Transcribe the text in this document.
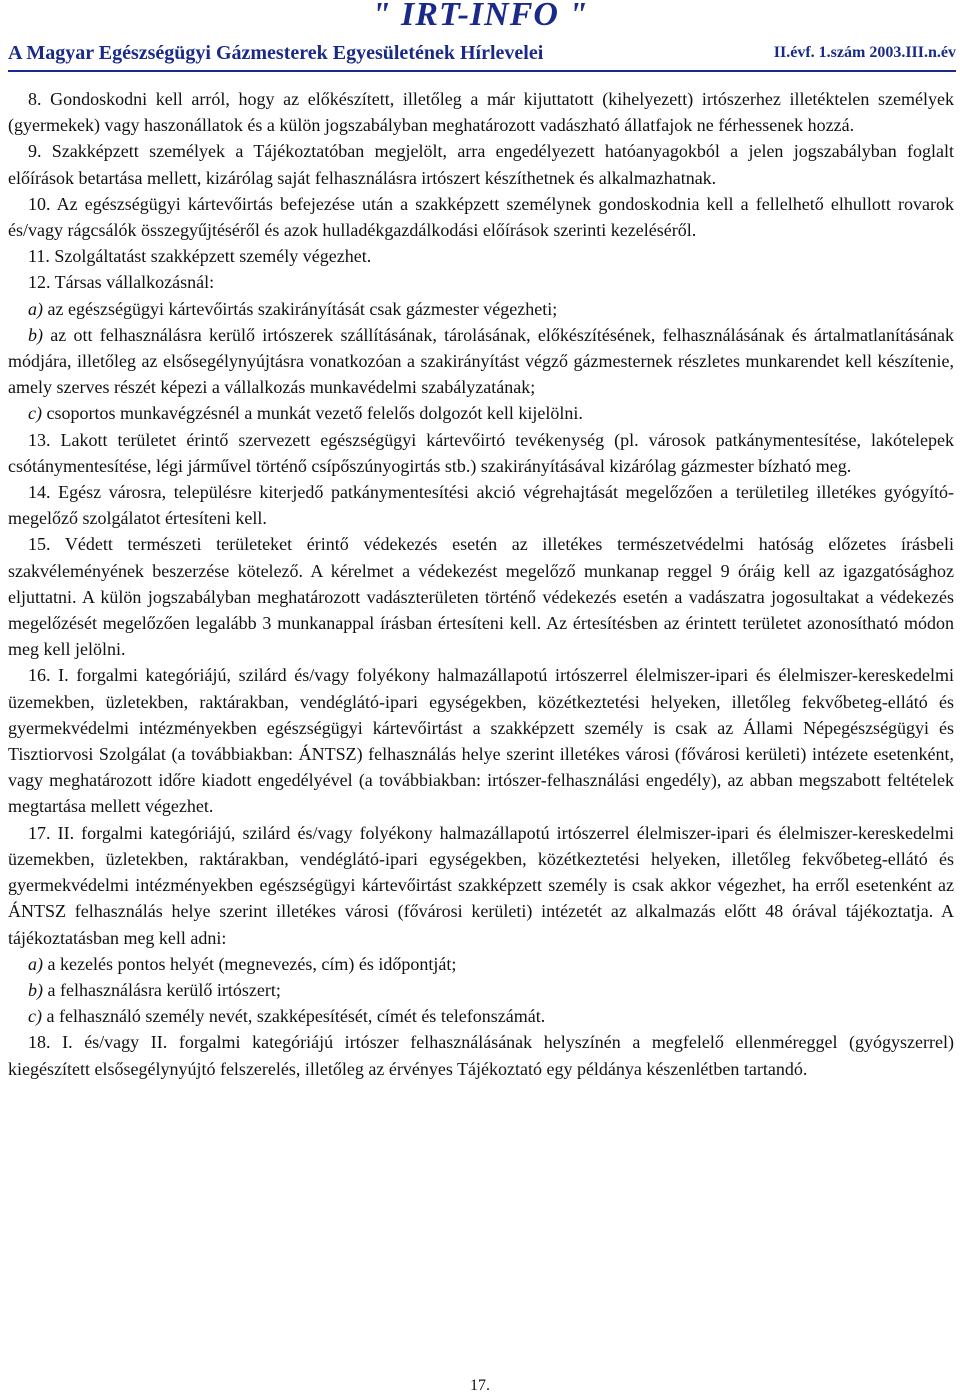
" IRT-INFO "
A Magyar Egészségügyi Gázmesterek Egyesületének Hírlevelei	II.évf. 1.szám 2003.III.n.év

8. Gondoskodni kell arról, hogy az előkészített, illetőleg a már kijuttatott (kihelyezett) irtószerhez illetéktelen személyek (gyermekek) vagy haszonállatok és a külön jogszabályban meghatározott vadászható állatfajok ne férhessenek hozzá.

9. Szakképzett személyek a Tájékoztatóban megjelölt, arra engedélyezett hatóanyagokból a jelen jogszabályban foglalt előírások betartása mellett, kizárólag saját felhasználásra irtószert készíthetnek és alkalmazhatnak.

10. Az egészségügyi kártevőirtás befejezése után a szakképzett személynek gondoskodnia kell a fellelhető elhullott rovarok és/vagy rágcsálók összegyűjtéséről és azok hulladékgazdálkodási előírások szerinti kezeléséről.

11. Szolgáltatást szakképzett személy végezhet.

12. Társas vállalkozásnál:

a) az egészségügyi kártevőirtás szakirányítását csak gázmester végezheti;

b) az ott felhasználásra kerülő irtószerek szállításának, tárolásának, előkészítésének, felhasználásának és ártalmatlanításának módjára, illetőleg az elsősegélynyújtásra vonatkozóan a szakirányítást végző gázmesternek részletes munkarendet kell készítenie, amely szerves részét képezi a vállalkozás munkavédelmi szabályzatának;

c) csoportos munkavégzésnél a munkát vezető felelős dolgozót kell kijelölni.

13. Lakott területet érintő szervezett egészségügyi kártevőirtó tevékenység (pl. városok patkánymentesítése, lakótelepek csótánymentesítése, légi járművel történő csípőszúnyogirtás stb.) szakirányításával kizárólag gázmester bízható meg.

14. Egész városra, településre kiterjedő patkánymentesítési akció végrehajtását megelőzően a területileg illetékes gyógyító-megelőző szolgálatot értesíteni kell.

15. Védett természeti területeket érintő védekezés esetén az illetékes természetvédelmi hatóság előzetes írásbeli szakvéleményének beszerzése kötelező. A kérelmet a védekezést megelőző munkanap reggel 9 óráig kell az igazgatósághoz eljuttatni. A külön jogszabályban meghatározott vadászterületen történő védekezés esetén a vadászatra jogosultakat a védekezés megelőzését megelőzően legalább 3 munkanappal írásban értesíteni kell. Az értesítésben az érintett területet azonosítható módon meg kell jelölni.

16. I. forgalmi kategóriájú, szilárd és/vagy folyékony halmazállapotú irtószerrel élelmiszer-ipari és élelmiszer-kereskedelmi üzemekben, üzletekben, raktárakban, vendéglátó-ipari egységekben, közétkeztetési helyeken, illetőleg fekvőbeteg-ellátó és gyermekvédelmi intézményekben egészségügyi kártevőirtást a szakképzett személy is csak az Állami Népegészségügyi és Tisztiorvosi Szolgálat (a továbbiakban: ÁNTSZ) felhasználás helye szerint illetékes városi (fővárosi kerületi) intézete esetenként, vagy meghatározott időre kiadott engedélyével (a továbbiakban: irtószer-felhasználási engedély), az abban megszabott feltételek megtartása mellett végezhet.

17. II. forgalmi kategóriájú, szilárd és/vagy folyékony halmazállapotú irtószerrel élelmiszer-ipari és élelmiszer-kereskedelmi üzemekben, üzletekben, raktárakban, vendéglátó-ipari egységekben, közétkeztetési helyeken, illetőleg fekvőbeteg-ellátó és gyermekvédelmi intézményekben egészségügyi kártevőirtást szakképzett személy is csak akkor végezhet, ha erről esetenként az ÁNTSZ felhasználás helye szerint illetékes városi (fővárosi kerületi) intézetét az alkalmazás előtt 48 órával tájékoztatja. A tájékoztatásban meg kell adni:

a) a kezelés pontos helyét (megnevezés, cím) és időpontját;

b) a felhasználásra kerülő irtószert;

c) a felhasználó személy nevét, szakképesítését, címét és telefonszámát.

18. I. és/vagy II. forgalmi kategóriájú irtószer felhasználásának helyszínén a megfelelő ellenméreggel (gyógyszerrel) kiegészített elsősegélynyújtó felszerelés, illetőleg az érvényes Tájékoztató egy példánya készenlétben tartandó.

17.
